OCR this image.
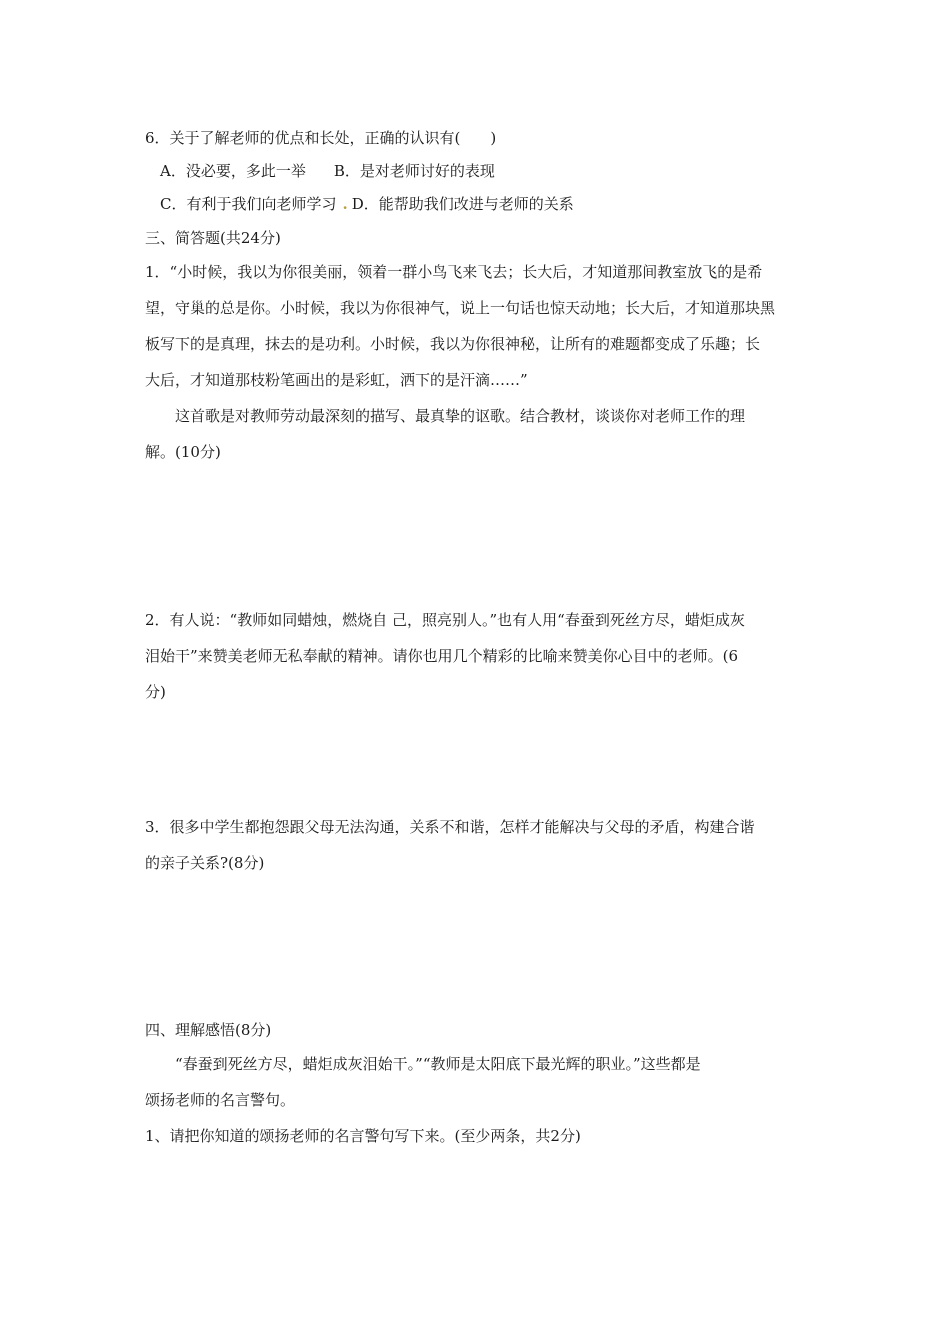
6．关于了解老师的优点和长处，正确的认识有(　　)
A．没必要，多此一举 B．是对老师讨好的表现
C．有利于我们向老师学习 . D．能帮助我们改进与老师的关系
三、简答题(共24分)
1．“小时候，我以为你很美丽，领着一群小鸟飞来飞去；长大后，才知道那间教室放飞的是希
望，守巢的总是你。小时候，我以为你很神气，说上一句话也惊天动地；长大后，才知道那块黑
板写下的是真理，抹去的是功利。小时候，我以为你很神秘，让所有的难题都变成了乐趣；长
大后，才知道那枝粉笔画出的是彩虹，洒下的是汗滴……”
这首歌是对教师劳动最深刻的描写、最真挚的讴歌。结合教材，谈谈你对老师工作的理
解。(10分)
2．有人说：“教师如同蜡烛，燃烧自 己，照亮别人。”也有人用“春蚕到死丝方尽，蜡炬成灰
泪始干”来赞美老师无私奉献的精神。请你也用几个精彩的比喻来赞美你心目中的老师。(6
分)
3．很多中学生都抱怨跟父母无法沟通，关系不和谐，怎样才能解决与父母的矛盾，构建合谐
的亲子关系?(8分)
四、理解感悟(8分)
“春蚕到死丝方尽，蜡炬成灰泪始干。”“教师是太阳底下最光辉的职业。”这些都是
颂扬老师的名言警句。
1、请把你知道的颂扬老师的名言警句写下来。(至少两条，共2分)
